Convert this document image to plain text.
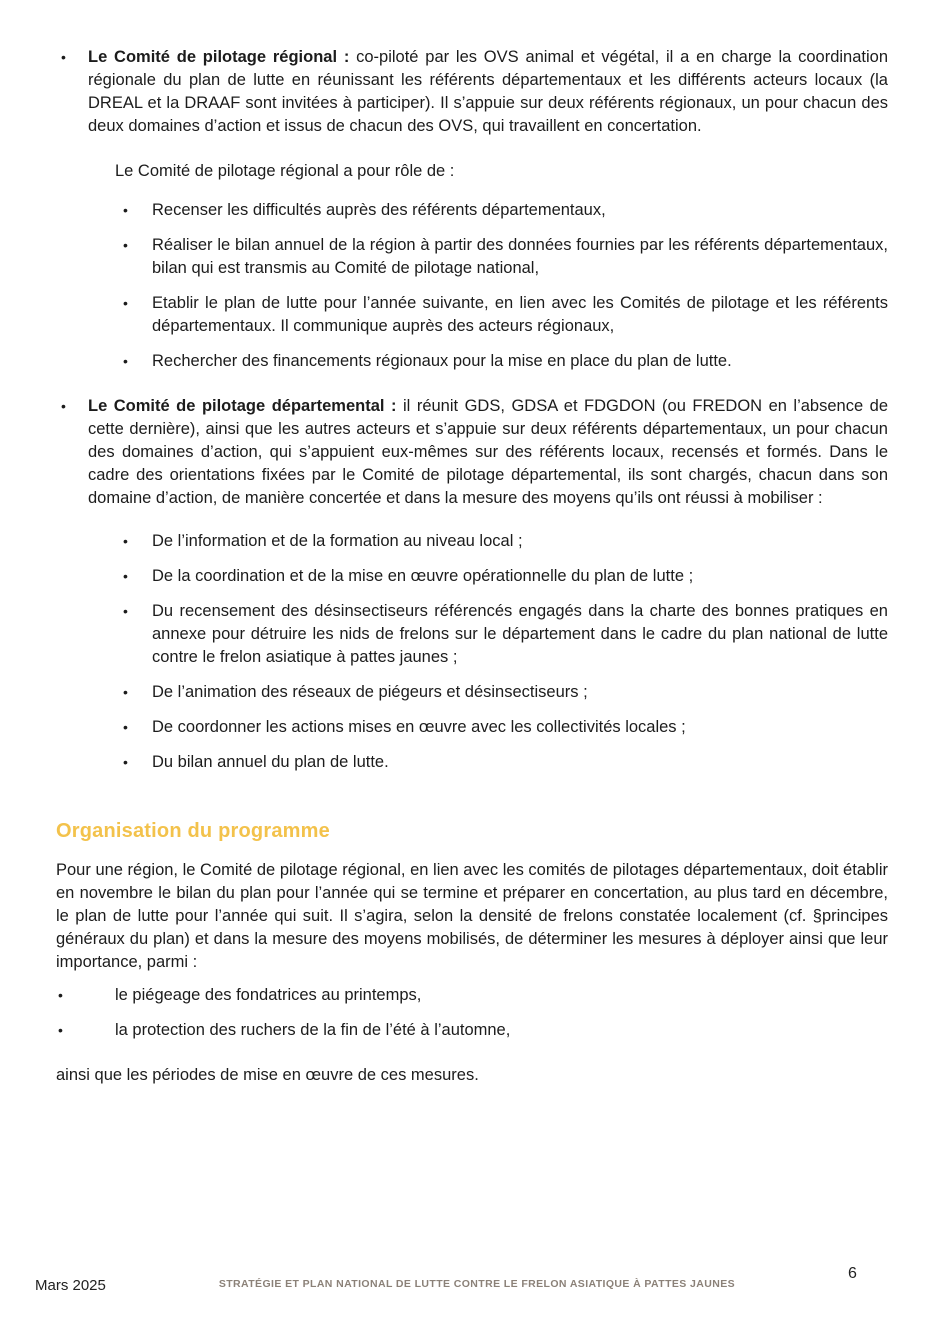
•	Le Comité de pilotage régional : co-piloté par les OVS animal et végétal, il a en charge la coordination régionale du plan de lutte en réunissant les référents départementaux et les différents acteurs locaux (la DREAL et la DRAAF sont invitées à participer). Il s’appuie sur deux référents régionaux, un pour chacun des deux domaines d’action et issus de chacun des OVS, qui travaillent en concertation.
Le Comité de pilotage régional a pour rôle de :
•	Recenser les difficultés auprès des référents départementaux,
•	Réaliser le bilan annuel de la région à partir des données fournies par les référents départementaux, bilan qui est transmis au Comité de pilotage national,
•	Etablir le plan de lutte pour l’année suivante, en lien avec les Comités de pilotage et les référents départementaux. Il communique auprès des acteurs régionaux,
•	Rechercher des financements régionaux pour la mise en place du plan de lutte.
•	Le Comité de pilotage départemental : il réunit GDS, GDSA et FDGDON (ou FREDON en l’absence de cette dernière), ainsi que les autres acteurs et s’appuie sur deux référents départementaux, un pour chacun des domaines d’action, qui s’appuient eux-mêmes sur des référents locaux, recensés et formés. Dans le cadre des orientations fixées par le Comité de pilotage départemental, ils sont chargés, chacun dans son domaine d’action, de manière concertée et dans la mesure des moyens qu’ils ont réussi à mobiliser :
•	De l’information et de la formation au niveau local ;
•	De la coordination et de la mise en œuvre opérationnelle du plan de lutte ;
•	Du recensement des désinsectiseurs référencés engagés dans la charte des bonnes pratiques en annexe pour détruire les nids de frelons sur le département dans le cadre du plan national de lutte contre le frelon asiatique à pattes jaunes ;
•	De l’animation des réseaux de piégeurs et désinsectiseurs ;
•	De coordonner les actions mises en œuvre avec les collectivités locales ;
•	Du bilan annuel du plan de lutte.
Organisation du programme
Pour une région, le Comité de pilotage régional, en lien avec les comités de pilotages départementaux, doit établir en novembre le bilan du plan pour l’année qui se termine et préparer en concertation, au plus tard en décembre, le plan de lutte pour l’année qui suit. Il s’agira, selon la densité de frelons constatée localement (cf. §principes généraux du plan) et dans la mesure des moyens mobilisés, de déterminer les mesures à déployer ainsi que leur importance, parmi :
•	le piégeage des fondatrices au printemps,
•	la protection des ruchers de la fin de l’été à l’automne,
ainsi que les périodes de mise en œuvre de ces mesures.
Mars 2025	STRATÉGIE ET PLAN NATIONAL DE LUTTE CONTRE LE FRELON ASIATIQUE À PATTES JAUNES
6
